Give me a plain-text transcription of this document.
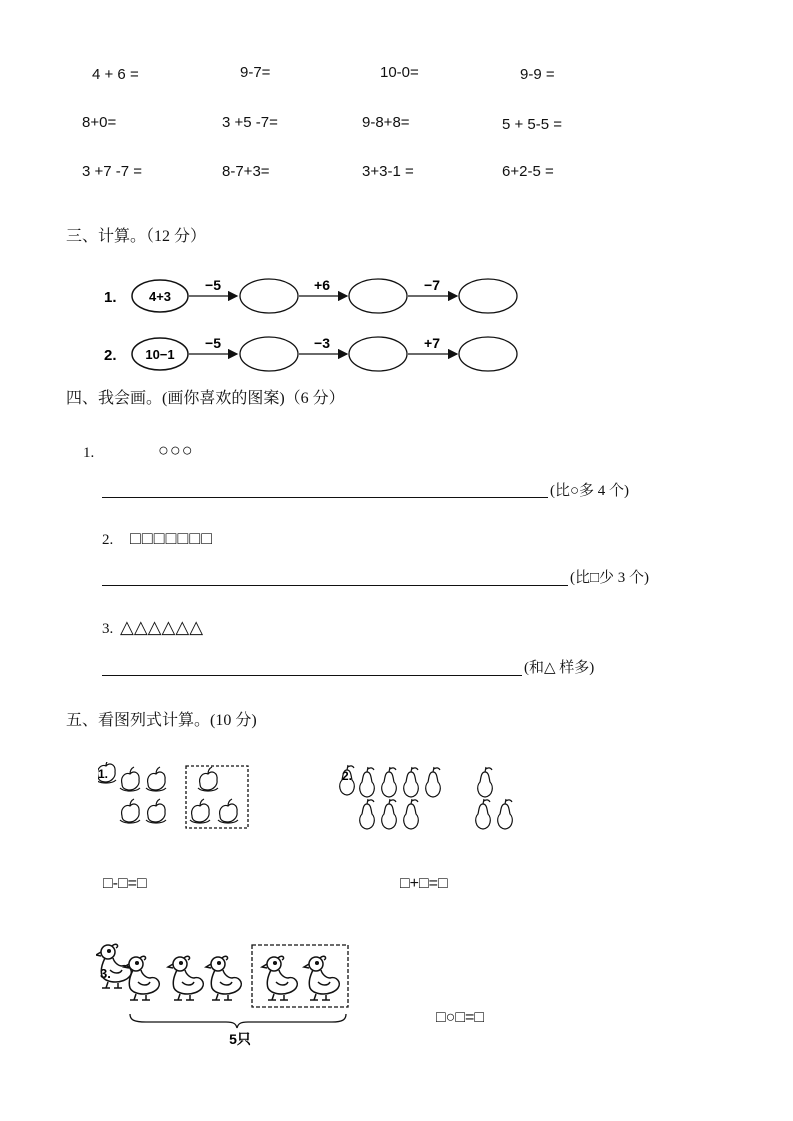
4 + 6 =	9-7=	10-0=	9-9 =
8+0=	3 +5 -7=	9-8+8=	5 + 5-5 =
3 +7 -7 =	8-7+3=	3+3-1 =	6+2-5 =
三、计算。（12 分）
1. 4+3
−5	+6	−7
2. 10−1
−5	−3	+7
四、我会画。(画你喜欢的图案)（6 分）
1.	○○○
(比○多 4 个)
2. □□□□□□□
(比□少 3 个)
3. △△△△△△
(和△ 样多)
五、看图列式计算。(10 分)
1.
□-□=□
2.
□+□=□
3.
5只
□○□=□
